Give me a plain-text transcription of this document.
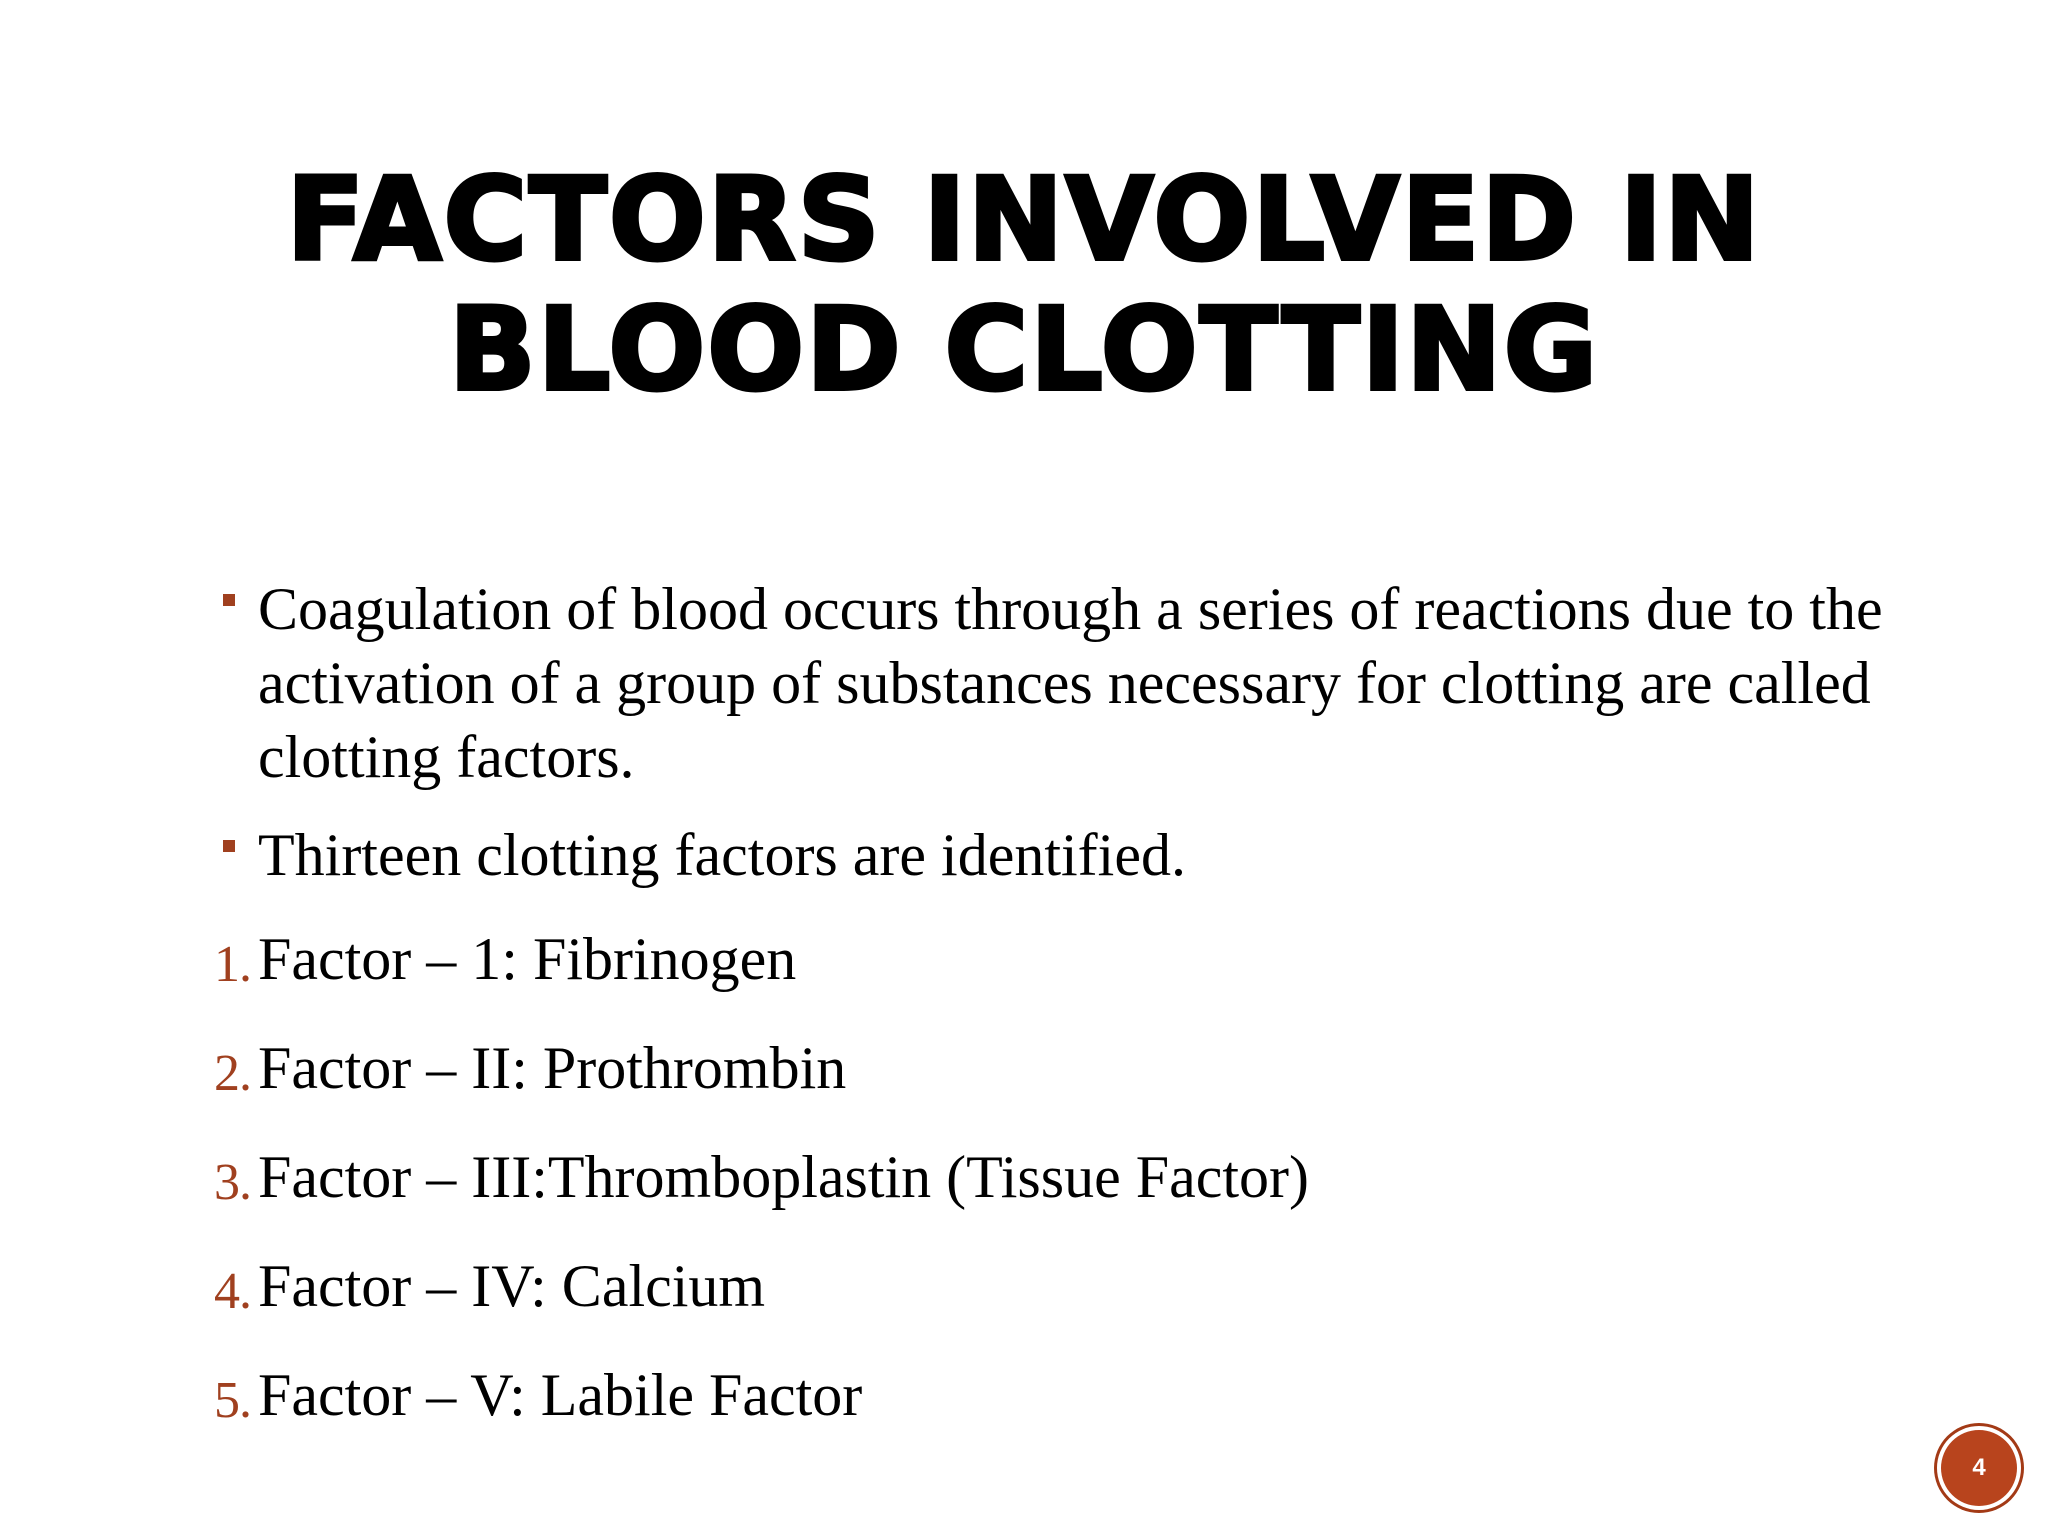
FACTORS INVOLVED IN
BLOOD CLOTTING
Coagulation of blood occurs through a series of reactions due to the activation of a group of substances necessary for clotting are called clotting factors.
Thirteen clotting factors are identified.
1. Factor – 1: Fibrinogen
2. Factor – II: Prothrombin
3. Factor – III:Thromboplastin (Tissue Factor)
4. Factor – IV: Calcium
5. Factor – V: Labile Factor
4
